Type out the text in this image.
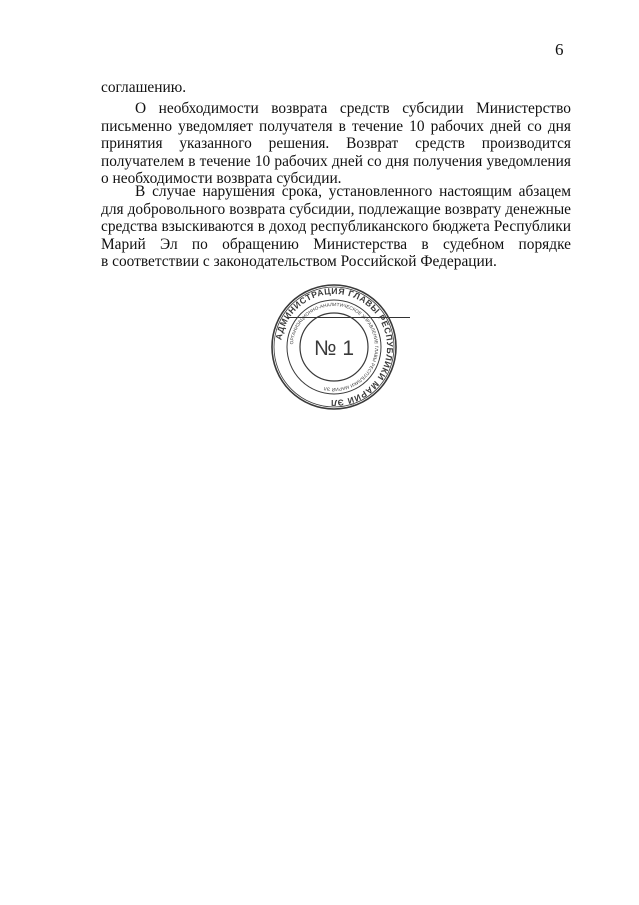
6
соглашению.
О необходимости возврата средств субсидии Министерство
письменно уведомляет получателя в течение 10 рабочих дней со дня
принятия указанного решения. Возврат средств производится
получателем в течение 10 рабочих дней со дня получения уведомления
о необходимости возврата субсидии.
В случае нарушения срока, установленного настоящим абзацем
для добровольного возврата субсидии, подлежащие возврату денежные
средства взыскиваются в доход республиканского бюджета Республики
Марий Эл по обращению Министерства в судебном порядке
в соответствии с законодательством Российской Федерации.
АДМИНИСТРАЦИЯ ГЛАВЫ РЕСПУБЛИКИ МАРИЙ ЭЛ
ОРГАНИЗАЦИОННО-АНАЛИТИЧЕСКОЕ УПРАВЛЕНИЕ ГЛАВЫ РЕСПУБЛИКИ МАРИЙ ЭЛ
№ 1
